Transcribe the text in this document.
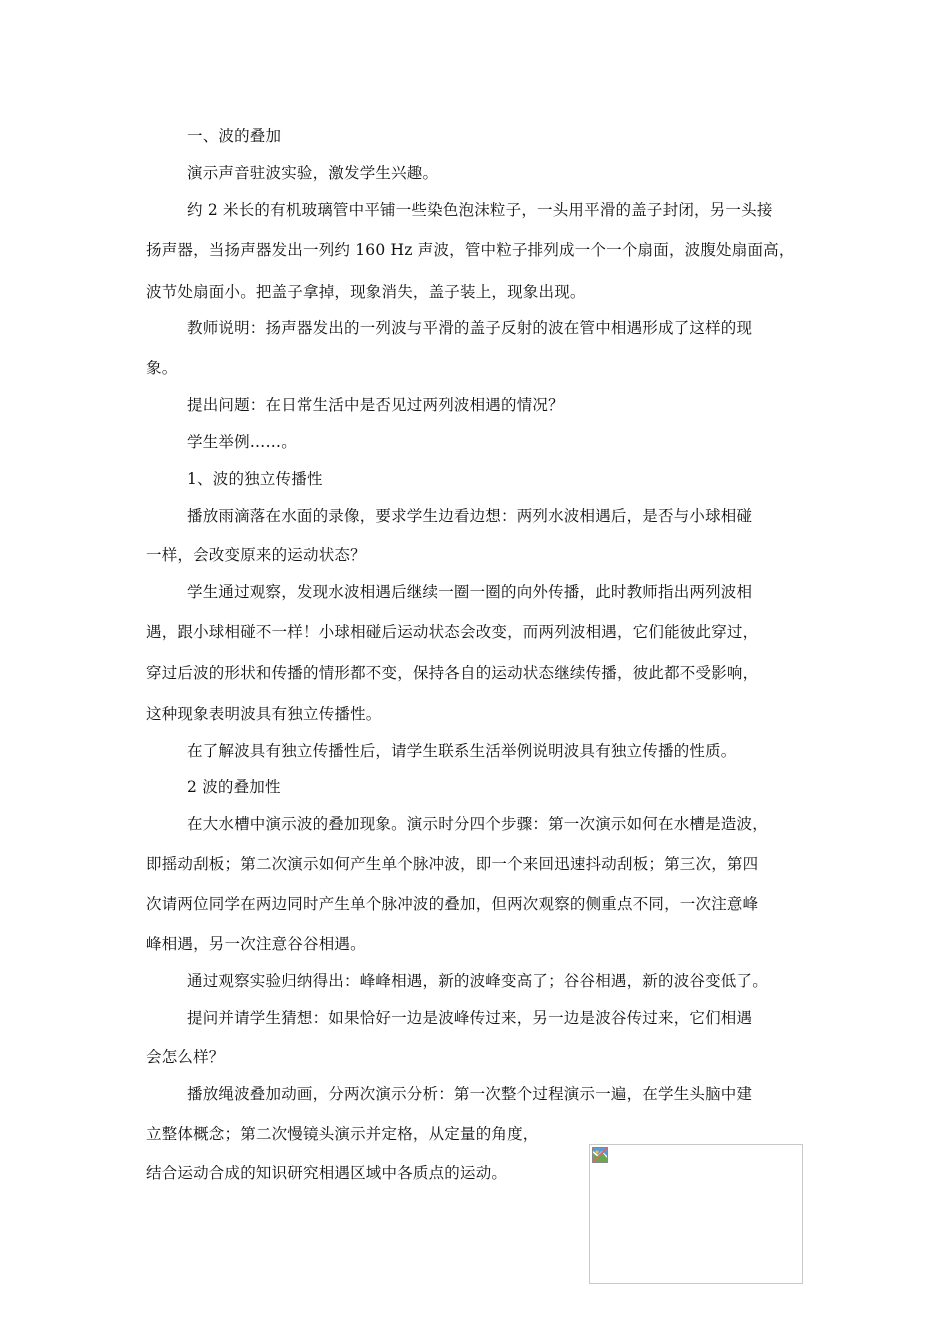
一、波的叠加
演示声音驻波实验，激发学生兴趣。
约 2 米长的有机玻璃管中平铺一些染色泡沫粒子，一头用平滑的盖子封闭，另一头接
扬声器，当扬声器发出一列约 160 Hz 声波，管中粒子排列成一个一个扇面，波腹处扇面高，
波节处扇面小。把盖子拿掉，现象消失，盖子装上，现象出现。
教师说明：扬声器发出的一列波与平滑的盖子反射的波在管中相遇形成了这样的现
象。
提出问题：在日常生活中是否见过两列波相遇的情况？
学生举例……。
1、波的独立传播性
播放雨滴落在水面的录像，要求学生边看边想：两列水波相遇后，是否与小球相碰
一样，会改变原来的运动状态？
学生通过观察，发现水波相遇后继续一圈一圈的向外传播，此时教师指出两列波相
遇，跟小球相碰不一样！小球相碰后运动状态会改变，而两列波相遇，它们能彼此穿过，
穿过后波的形状和传播的情形都不变，保持各自的运动状态继续传播，彼此都不受影响，
这种现象表明波具有独立传播性。
在了解波具有独立传播性后，请学生联系生活举例说明波具有独立传播的性质。
2 波的叠加性
在大水槽中演示波的叠加现象。演示时分四个步骤：第一次演示如何在水槽是造波，
即摇动刮板；第二次演示如何产生单个脉冲波，即一个来回迅速抖动刮板；第三次，第四
次请两位同学在两边同时产生单个脉冲波的叠加，但两次观察的侧重点不同，一次注意峰
峰相遇，另一次注意谷谷相遇。
通过观察实验归纳得出：峰峰相遇，新的波峰变高了；谷谷相遇，新的波谷变低了。
提问并请学生猜想：如果恰好一边是波峰传过来，另一边是波谷传过来，它们相遇
会怎么样？
播放绳波叠加动画，分两次演示分析：第一次整个过程演示一遍，在学生头脑中建
立整体概念；第二次慢镜头演示并定格，从定量的角度，
结合运动合成的知识研究相遇区域中各质点的运动。
